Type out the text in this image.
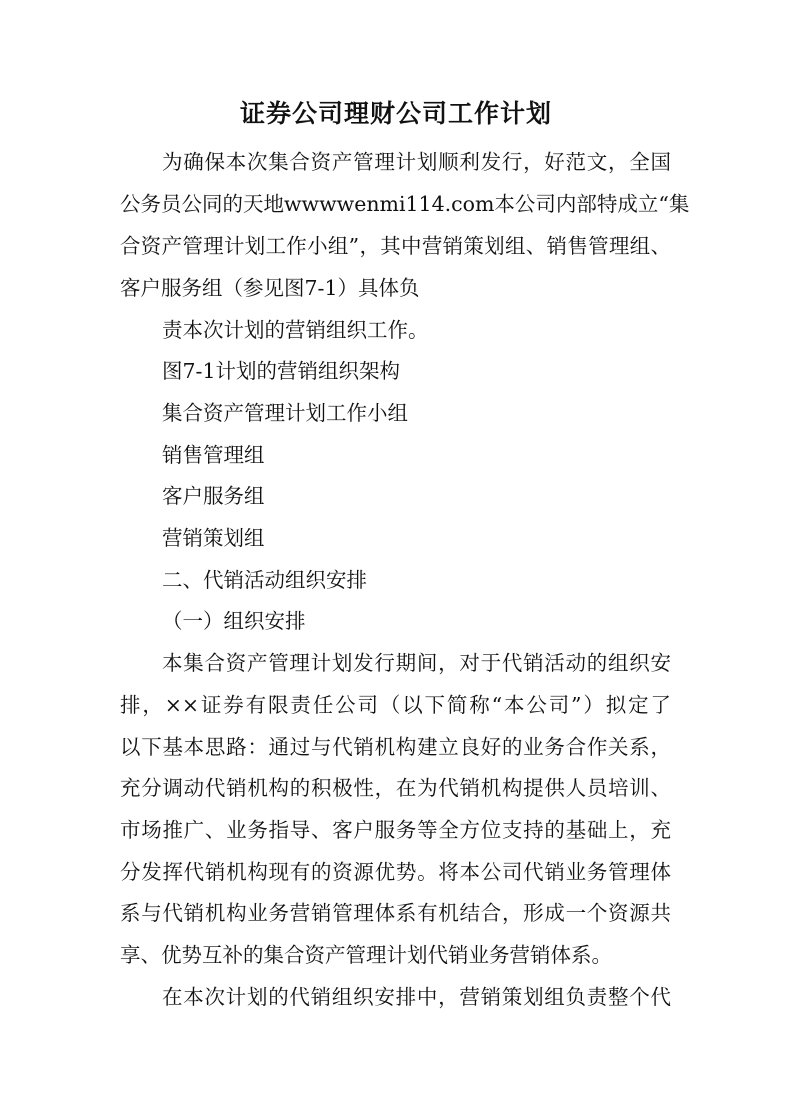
证券公司理财公司工作计划
为确保本次集合资产管理计划顺利发行，好范文，全国
公务员公同的天地wwwwenmi114.com本公司内部特成立“集
合资产管理计划工作小组”，其中营销策划组、销售管理组、
客户服务组（参见图7-1）具体负
责本次计划的营销组织工作。
图7-1计划的营销组织架构
集合资产管理计划工作小组
销售管理组
客户服务组
营销策划组
二、代销活动组织安排
（一）组织安排
本集合资产管理计划发行期间，对于代销活动的组织安
排，××证券有限责任公司（以下简称“本公司”）拟定了
以下基本思路：通过与代销机构建立良好的业务合作关系，
充分调动代销机构的积极性，在为代销机构提供人员培训、
市场推广、业务指导、客户服务等全方位支持的基础上，充
分发挥代销机构现有的资源优势。将本公司代销业务管理体
系与代销机构业务营销管理体系有机结合，形成一个资源共
享、优势互补的集合资产管理计划代销业务营销体系。
在本次计划的代销组织安排中，营销策划组负责整个代
